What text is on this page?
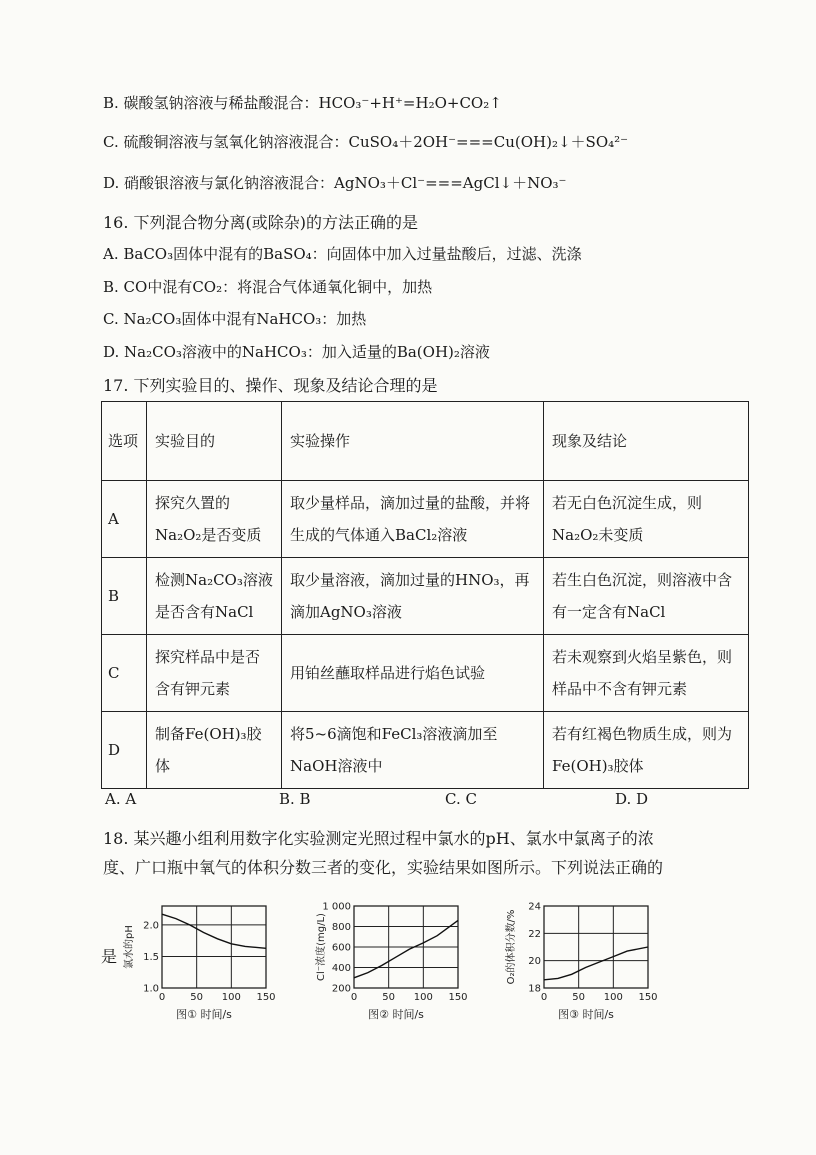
B. 碳酸氢钠溶液与稀盐酸混合：HCO₃⁻+H⁺=H₂O+CO₂↑
C. 硫酸铜溶液与氢氧化钠溶液混合：CuSO₄＋2OH⁻===Cu(OH)₂↓＋SO₄²⁻
D. 硝酸银溶液与氯化钠溶液混合：AgNO₃＋Cl⁻===AgCl↓＋NO₃⁻
16. 下列混合物分离(或除杂)的方法正确的是
A. BaCO₃固体中混有的BaSO₄：向固体中加入过量盐酸后，过滤、洗涤
B. CO中混有CO₂：将混合气体通氧化铜中，加热
C. Na₂CO₃固体中混有NaHCO₃：加热
D. Na₂CO₃溶液中的NaHCO₃：加入适量的Ba(OH)₂溶液
17. 下列实验目的、操作、现象及结论合理的是
选项	实验目的	实验操作	现象及结论
A	探究久置的Na₂O₂是否变质	取少量样品，滴加过量的盐酸，并将生成的气体通入BaCl₂溶液	若无白色沉淀生成，则Na₂O₂未变质
B	检测Na₂CO₃溶液是否含有NaCl	取少量溶液，滴加过量的HNO₃，再滴加AgNO₃溶液	若生白色沉淀，则溶液中含有一定含有NaCl
C	探究样品中是否含有钾元素	用铂丝蘸取样品进行焰色试验	若未观察到火焰呈紫色，则样品中不含有钾元素
D	制备Fe(OH)₃胶体	将5~6滴饱和FeCl₃溶液滴加至NaOH溶液中	若有红褐色物质生成，则为Fe(OH)₃胶体
A. A	B. B	C. C	D. D
18. 某兴趣小组利用数字化实验测定光照过程中氯水的pH、氯水中氯离子的浓
度、广口瓶中氧气的体积分数三者的变化，实验结果如图所示。下列说法正确的
是
0	50 100 150
1.0
1.5
2.0
氯水的pH
图① 时间/s
0	50 100 150
200
400
600
800
1 000
Cl⁻浓度(mg/L)
图② 时间/s
0	50 100 150
18
20
22
24
O₂的体积分数/%
图③ 时间/s
